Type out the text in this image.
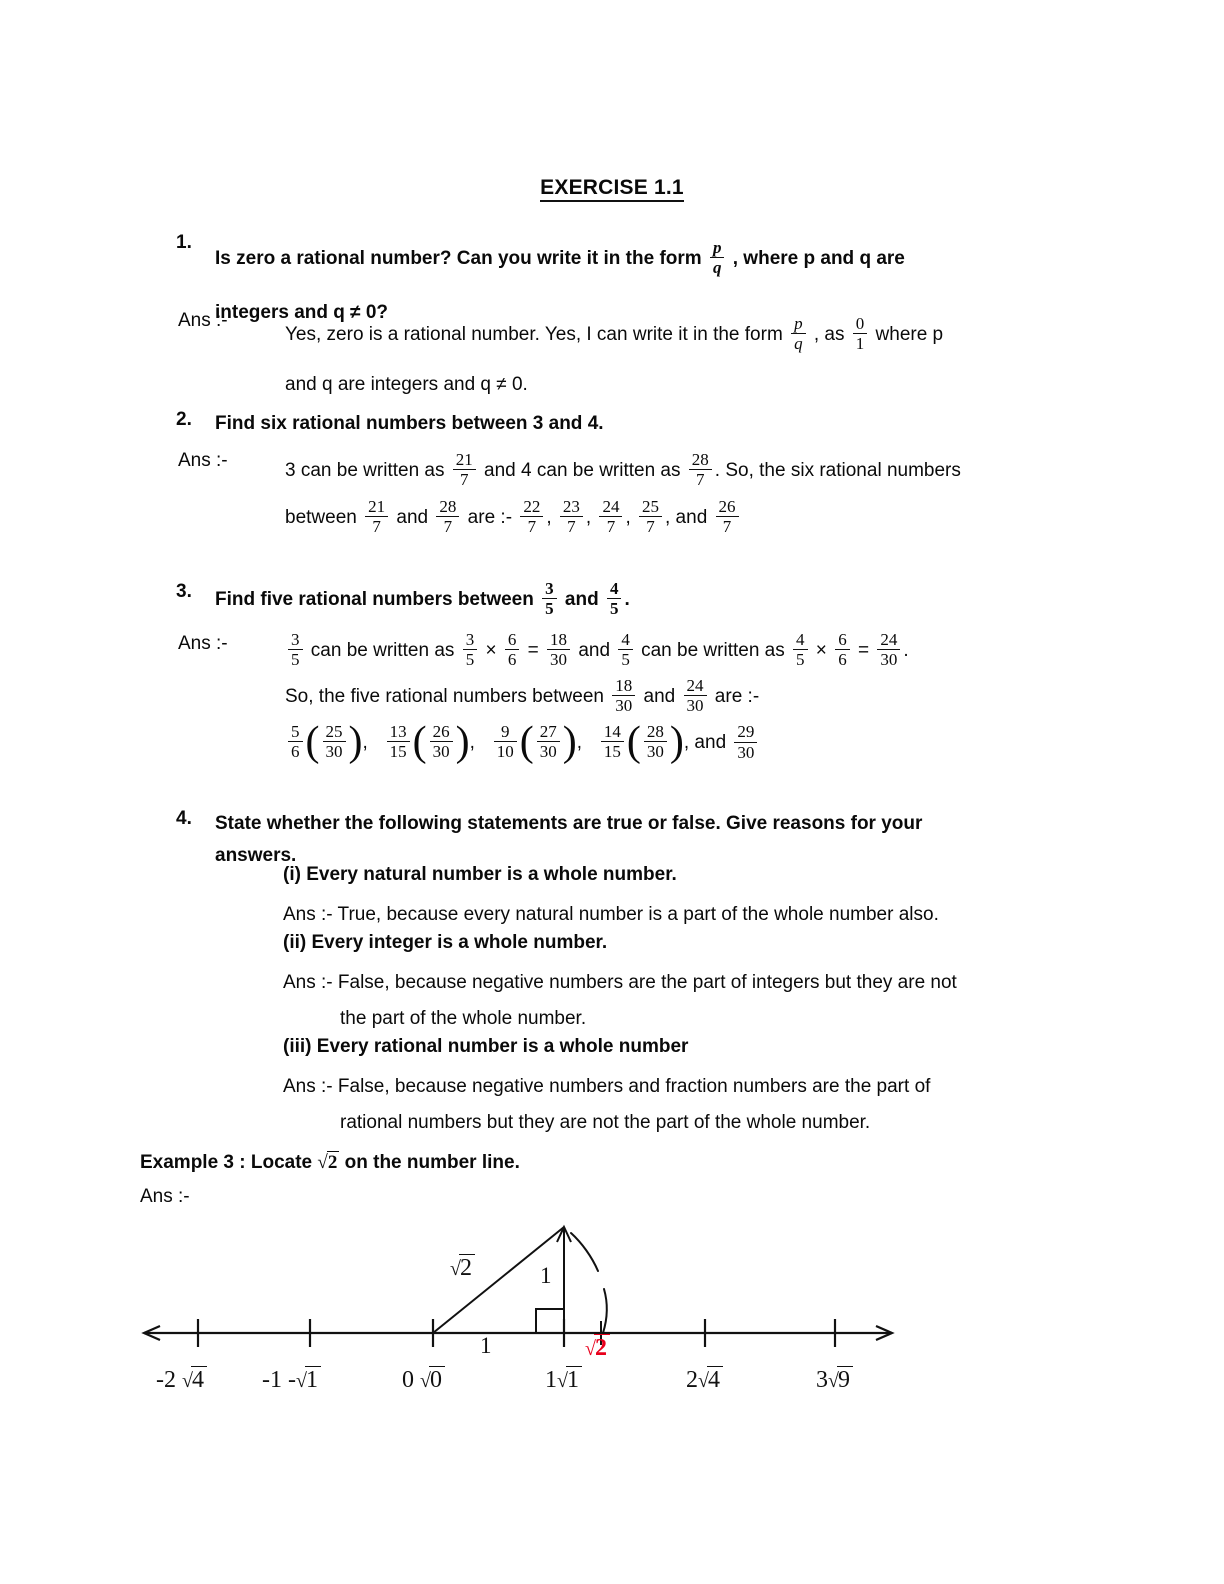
EXERCISE 1.1
1.
Is zero a rational number? Can you write it in the form $\frac{p}{q}$ , where p and q are
integers and q ≠ 0?
Ans :-
Yes, zero is a rational number. Yes, I can write it in the form $\frac{p}{q}$ , as $\frac{0}{1}$ where p
and q are integers and q ≠ 0.
2. Find six rational numbers between 3 and 4.
Ans :-	3 can be written as $\frac{21}{7}$ and 4 can be written as $\frac{28}{7}$ . So, the six rational numbers
between $\frac{21}{7}$ and $\frac{28}{7}$ are :- $\frac{22}{7}$ , $\frac{23}{7}$ , $\frac{24}{7}$ , $\frac{25}{7}$ , and $\frac{26}{7}$
3. Find five rational numbers between $\frac{3}{5}$ and $\frac{4}{5}$ .
Ans :-	$\frac{3}{5}$ can be written as $\frac{3}{5} \times \frac{6}{6} = \frac{18}{30}$ and $\frac{4}{5}$ can be written as $\frac{4}{5} \times \frac{6}{6} = \frac{24}{30}$ .
So, the five rational numbers between $\frac{18}{30}$ and $\frac{24}{30}$ are :-
$\frac{5}{6}$ ( $\frac{25}{30}$ ), $\frac{13}{15}$ ( $\frac{26}{30}$ ), $\frac{9}{10}$ ( $\frac{27}{30}$ ), $\frac{14}{15}$ ( $\frac{28}{30}$ ), and $\frac{29}{30}$
4. State whether the following statements are true or false. Give reasons for your
answers.
(i) Every natural number is a whole number.
Ans :- True, because every natural number is a part of the whole number also.
(ii) Every integer is a whole number.
Ans :- False, because negative numbers are the part of integers but they are not
the part of the whole number.
(iii) Every rational number is a whole number
Ans :- False, because negative numbers and fraction numbers are the part of
rational numbers but they are not the part of the whole number.
Example 3 : Locate √2 on the number line.
Ans :-
√2	1
1	√2
-2 √4 -1 -√1	0 √0	1√1	2√4	3√9
